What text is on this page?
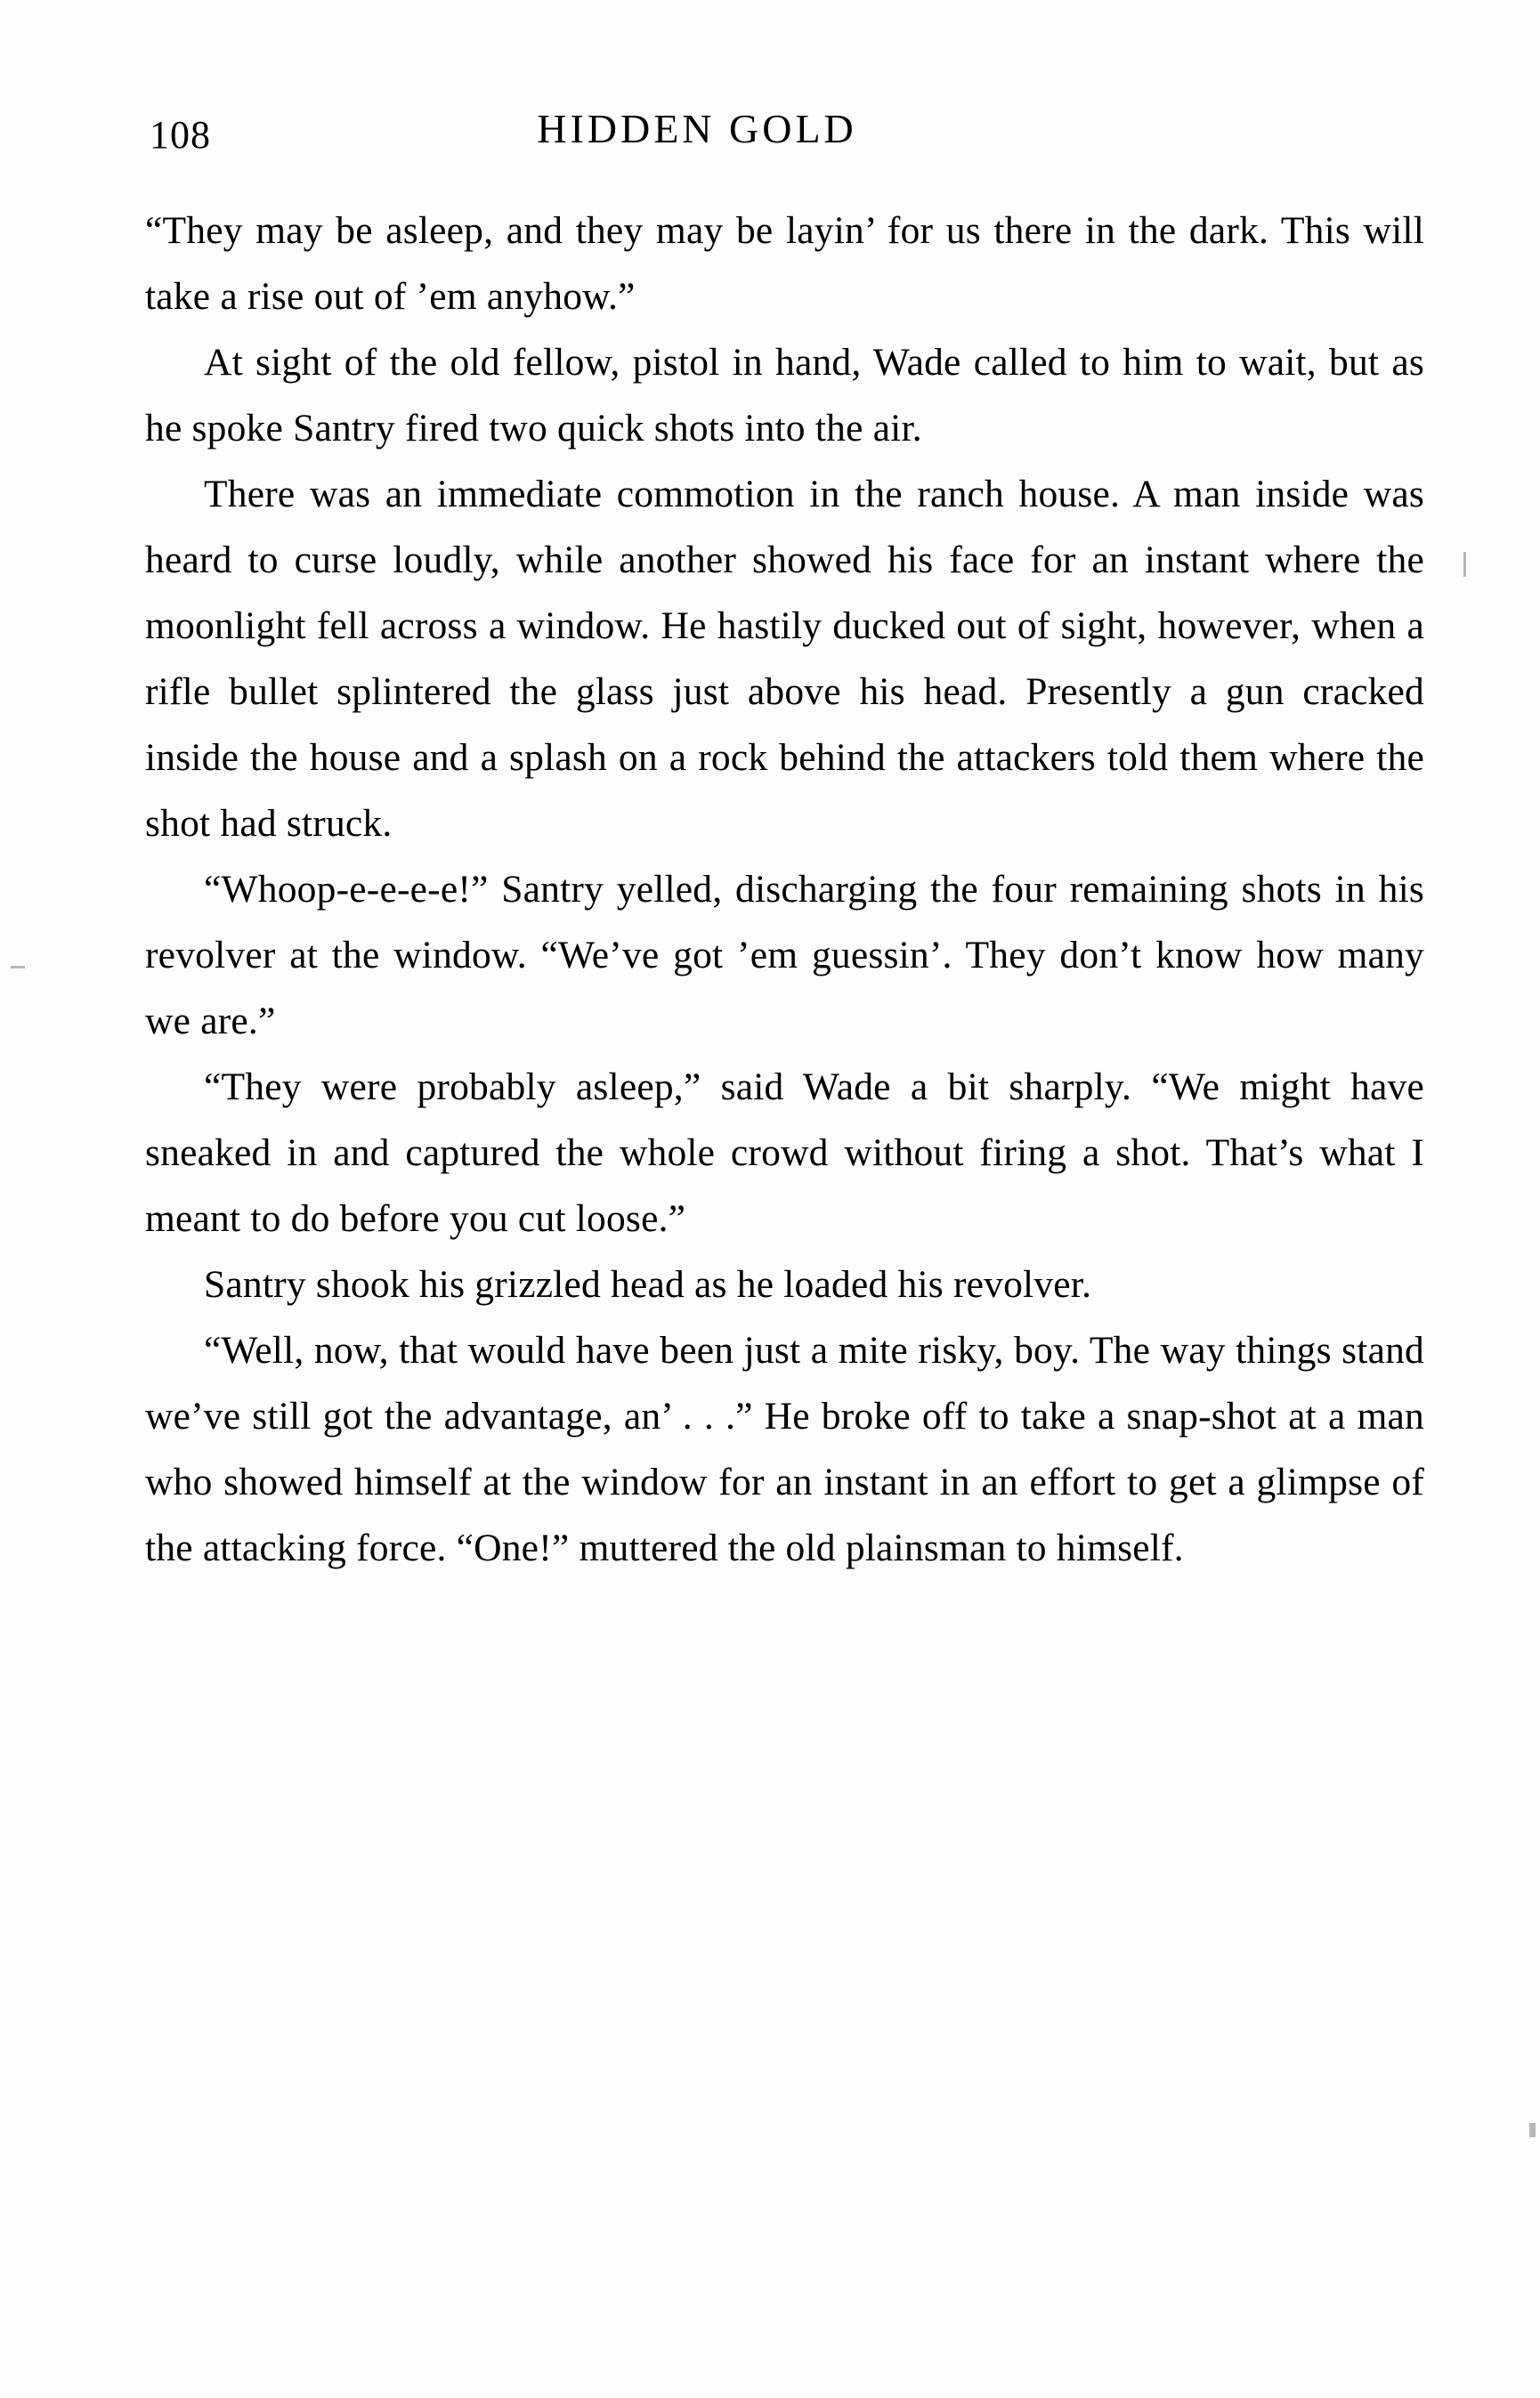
108	HIDDEN GOLD

“They may be asleep, and they may be layin’ for us there in the dark. This will take a rise out of ’em anyhow.”

At sight of the old fellow, pistol in hand, Wade called to him to wait, but as he spoke Santry fired two quick shots into the air.

There was an immediate commotion in the ranch house. A man inside was heard to curse loudly, while another showed his face for an instant where the moonlight fell across a window. He hastily ducked out of sight, however, when a rifle bullet splintered the glass just above his head. Presently a gun cracked inside the house and a splash on a rock behind the attackers told them where the shot had struck.

“Whoop-e-e-e-e!” Santry yelled, discharging the four remaining shots in his revolver at the window. “We’ve got ’em guessin’. They don’t know how many we are.”

“They were probably asleep,” said Wade a bit sharply. “We might have sneaked in and captured the whole crowd without firing a shot. That’s what I meant to do before you cut loose.”

Santry shook his grizzled head as he loaded his revolver.

“Well, now, that would have been just a mite risky, boy. The way things stand we’ve still got the advantage, an’ . . .” He broke off to take a snap-shot at a man who showed himself at the window for an instant in an effort to get a glimpse of the attacking force. “One!” muttered the old plainsman to himself.
